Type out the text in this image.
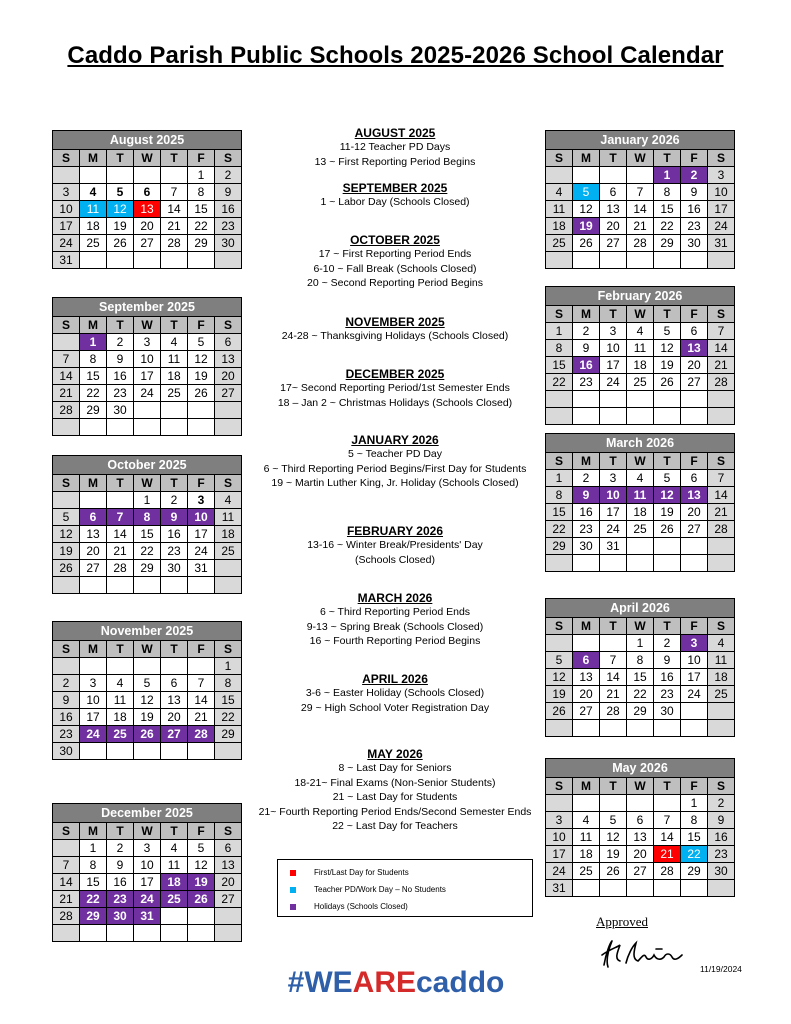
Caddo Parish Public Schools 2025-2026 School Calendar
August 2025						
S	M	T	W	T	F	S
					1	2
3	4	5	6	7	8	9
10	11	12	13	14	15	16
17	18	19	20	21	22	23
24	25	26	27	28	29	30
31						
September 2025						
S	M	T	W	T	F	S
	1	2	3	4	5	6
7	8	9	10	11	12	13
14	15	16	17	18	19	20
21	22	23	24	25	26	27
28	29	30				

October 2025						
S	M	T	W	T	F	S
			1	2	3	4
5	6	7	8	9	10	11
12	13	14	15	16	17	18
19	20	21	22	23	24	25
26	27	28	29	30	31	

November 2025						
S	M	T	W	T	F	S
						1
2	3	4	5	6	7	8
9	10	11	12	13	14	15
16	17	18	19	20	21	22
23	24	25	26	27	28	29
30						
December 2025						
S	M	T	W	T	F	S
	1	2	3	4	5	6
7	8	9	10	11	12	13
14	15	16	17	18	19	20
21	22	23	24	25	26	27
28	29	30	31			

January 2026						
S	M	T	W	T	F	S
				1	2	3
4	5	6	7	8	9	10
11	12	13	14	15	16	17
18	19	20	21	22	23	24
25	26	27	28	29	30	31

February 2026						
S	M	T	W	T	F	S
1	2	3	4	5	6	7
8	9	10	11	12	13	14
15	16	17	18	19	20	21
22	23	24	25	26	27	28

March 2026						
S	M	T	W	T	F	S
1	2	3	4	5	6	7
8	9	10	11	12	13	14
15	16	17	18	19	20	21
22	23	24	25	26	27	28
29	30	31				

April 2026						
S	M	T	W	T	F	S
			1	2	3	4
5	6	7	8	9	10	11
12	13	14	15	16	17	18
19	20	21	22	23	24	25
26	27	28	29	30		

May 2026						
S	M	T	W	T	F	S
					1	2
3	4	5	6	7	8	9
10	11	12	13	14	15	16
17	18	19	20	21	22	23
24	25	26	27	28	29	30
31						
AUGUST 2025
11-12 Teacher PD Days
13 ~ First Reporting Period Begins
SEPTEMBER 2025
1 ~ Labor Day (Schools Closed)
OCTOBER 2025
17 ~ First Reporting Period Ends
6-10 ~ Fall Break (Schools Closed)
20 ~ Second Reporting Period Begins
NOVEMBER 2025
24-28 ~ Thanksgiving Holidays (Schools Closed)
DECEMBER 2025
17~ Second Reporting Period/1st Semester Ends
18 – Jan 2 ~ Christmas Holidays (Schools Closed)
JANUARY 2026
5 ~ Teacher PD Day
6 ~ Third Reporting Period Begins/First Day for Students
19 ~ Martin Luther King, Jr. Holiday (Schools Closed)
FEBRUARY 2026
13-16 ~ Winter Break/Presidents' Day
(Schools Closed)
MARCH 2026
6 ~ Third Reporting Period Ends
9-13 ~ Spring Break (Schools Closed)
16 ~ Fourth Reporting Period Begins
APRIL 2026
3-6 ~ Easter Holiday (Schools Closed)
29 ~ High School Voter Registration Day
MAY 2026
8 ~ Last Day for Seniors
18-21~ Final Exams (Non-Senior Students)
21 ~ Last Day for Students
21~ Fourth Reporting Period Ends/Second Semester Ends
22 ~ Last Day for Teachers
First/Last Day for Students
Teacher PD/Work Day – No Students
Holidays (Schools Closed)
Approved
11/19/2024
#WEAREcaddo
